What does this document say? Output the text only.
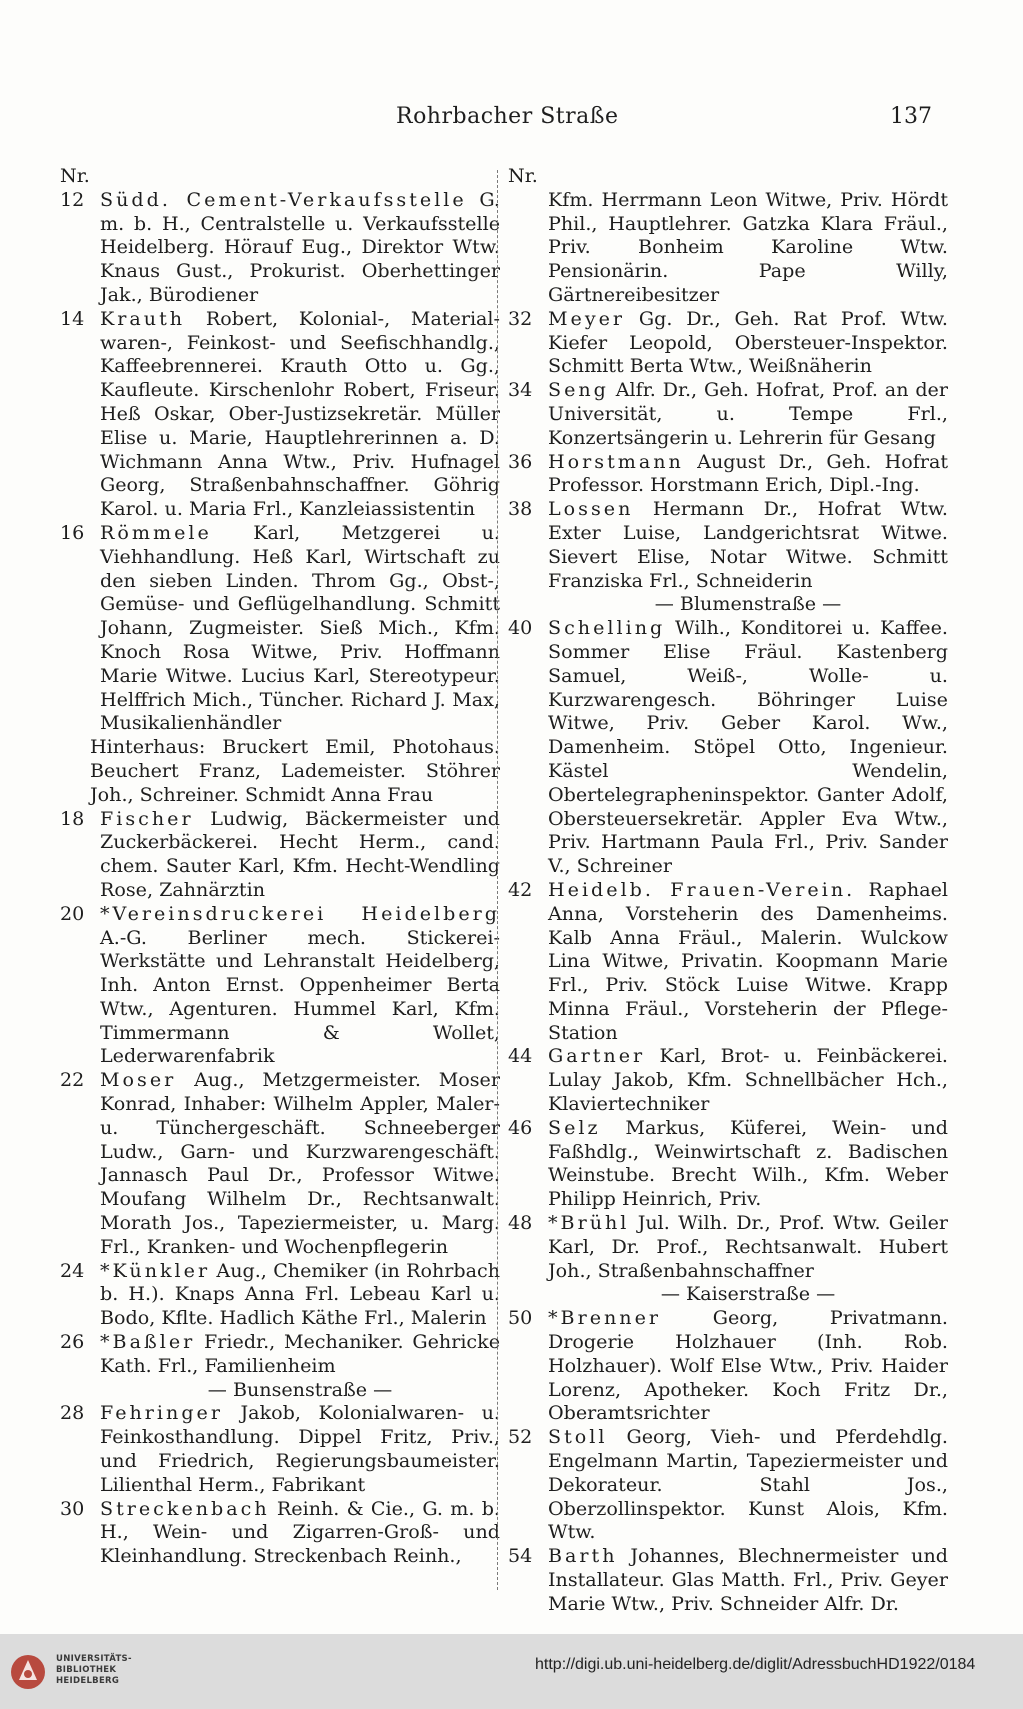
Rohrbacher Straße	137
Nr.
12 Südd. Cement-Verkaufsstelle G. m. b. H., Centralstelle u. Verkaufsstelle Heidelberg. Hörauf Eug., Direktor Wtw. Knaus Gust., Prokurist. Oberhettinger Jak., Bürodiener
14 Krauth Robert, Kolonial-, Material-waren-, Feinkost- und Seefischhandlg., Kaffeebrennerei. Krauth Otto u. Gg., Kaufleute. Kirschenlohr Robert, Friseur. Heß Oskar, Ober-Justizsekretär. Müller Elise u. Marie, Hauptlehrerinnen a. D. Wichmann Anna Wtw., Priv. Hufnagel Georg, Straßenbahnschaffner. Göhrig Karol. u. Maria Frl., Kanzleiassistentin
16 Römmele Karl, Metzgerei u. Viehhandlung. Heß Karl, Wirtschaft zu den sieben Linden. Throm Gg., Obst-, Gemüse- und Geflügelhandlung. Schmitt Johann, Zugmeister. Sieß Mich., Kfm. Knoch Rosa Witwe, Priv. Hoffmann Marie Witwe. Lucius Karl, Stereotypeur. Helffrich Mich., Tüncher. Richard J. Max, Musikalienhändler
Hinterhaus: Bruckert Emil, Photohaus. Beuchert Franz, Lademeister. Stöhrer Joh., Schreiner. Schmidt Anna Frau
18 Fischer Ludwig, Bäckermeister und Zuckerbäckerei. Hecht Herm., cand. chem. Sauter Karl, Kfm. Hecht-Wendling Rose, Zahnärztin
20 *Vereinsdruckerei Heidelberg A.-G. Berliner mech. Stickerei-Werkstätte und Lehranstalt Heidelberg, Inh. Anton Ernst. Oppenheimer Berta Wtw., Agenturen. Hummel Karl, Kfm. Timmermann & Wollet, Lederwarenfabrik
22 Moser Aug., Metzgermeister. Moser Konrad, Inhaber: Wilhelm Appler, Maler- u. Tünchergeschäft. Schneeberger Ludw., Garn- und Kurzwarengeschäft. Jannasch Paul Dr., Professor Witwe. Moufang Wilhelm Dr., Rechtsanwalt. Morath Jos., Tapeziermeister, u. Marg. Frl., Kranken- und Wochenpflegerin
24 *Künkler Aug., Chemiker (in Rohrbach b. H.). Knaps Anna Frl. Lebeau Karl u. Bodo, Kflte. Hadlich Käthe Frl., Malerin
26 *Baßler Friedr., Mechaniker. Gehricke Kath. Frl., Familienheim
— Bunsenstraße —
28 Fehringer Jakob, Kolonialwaren- u. Feinkosthandlung. Dippel Fritz, Priv., und Friedrich, Regierungsbaumeister. Lilienthal Herm., Fabrikant
30 Streckenbach Reinh. & Cie., G. m. b. H., Wein- und Zigarren-Groß- und Kleinhandlung. Streckenbach Reinh.,
Nr.
Kfm. Herrmann Leon Witwe, Priv. Hördt Phil., Hauptlehrer. Gatzka Klara Fräul., Priv. Bonheim Karoline Wtw. Pensionärin. Pape Willy, Gärtnereibesitzer
32 Meyer Gg. Dr., Geh. Rat Prof. Wtw. Kiefer Leopold, Obersteuer-Inspektor. Schmitt Berta Wtw., Weißnäherin
34 Seng Alfr. Dr., Geh. Hofrat, Prof. an der Universität, u. Tempe Frl., Konzertsängerin u. Lehrerin für Gesang
36 Horstmann August Dr., Geh. Hofrat Professor. Horstmann Erich, Dipl.-Ing.
38 Lossen Hermann Dr., Hofrat Wtw. Exter Luise, Landgerichtsrat Witwe. Sievert Elise, Notar Witwe. Schmitt Franziska Frl., Schneiderin
— Blumenstraße —
40 Schelling Wilh., Konditorei u. Kaffee. Sommer Elise Fräul. Kastenberg Samuel, Weiß-, Wolle- u. Kurzwarengesch. Böhringer Luise Witwe, Priv. Geber Karol. Ww., Damenheim. Stöpel Otto, Ingenieur. Kästel Wendelin, Obertelegrapheninspektor. Ganter Adolf, Obersteuersekretär. Appler Eva Wtw., Priv. Hartmann Paula Frl., Priv. Sander V., Schreiner
42 Heidelb. Frauen-Verein. Raphael Anna, Vorsteherin des Damenheims. Kalb Anna Fräul., Malerin. Wulckow Lina Witwe, Privatin. Koopmann Marie Frl., Priv. Stöck Luise Witwe. Krapp Minna Fräul., Vorsteherin der Pflege-Station
44 Gartner Karl, Brot- u. Feinbäckerei. Lulay Jakob, Kfm. Schnellbächer Hch., Klaviertechniker
46 Selz Markus, Küferei, Wein- und Faßhdlg., Weinwirtschaft z. Badischen Weinstube. Brecht Wilh., Kfm. Weber Philipp Heinrich, Priv.
48 *Brühl Jul. Wilh. Dr., Prof. Wtw. Geiler Karl, Dr. Prof., Rechtsanwalt. Hubert Joh., Straßenbahnschaffner
— Kaiserstraße —
50 *Brenner	Georg, Privatmann. Drogerie Holzhauer (Inh. Rob. Holzhauer). Wolf Else Wtw., Priv. Haider Lorenz, Apotheker. Koch Fritz Dr., Oberamtsrichter
52 Stoll Georg, Vieh- und Pferdehdlg. Engelmann Martin, Tapeziermeister und Dekorateur. Stahl Jos., Oberzollinspektor. Kunst Alois, Kfm. Wtw.
54 Barth Johannes, Blechnermeister und Installateur. Glas Matth. Frl., Priv. Geyer Marie Wtw., Priv. Schneider Alfr. Dr.
UNIVERSITÄTS-
BIBLIOTHEK
HEIDELBERG
http://digi.ub.uni-heidelberg.de/diglit/AdressbuchHD1922/0184
